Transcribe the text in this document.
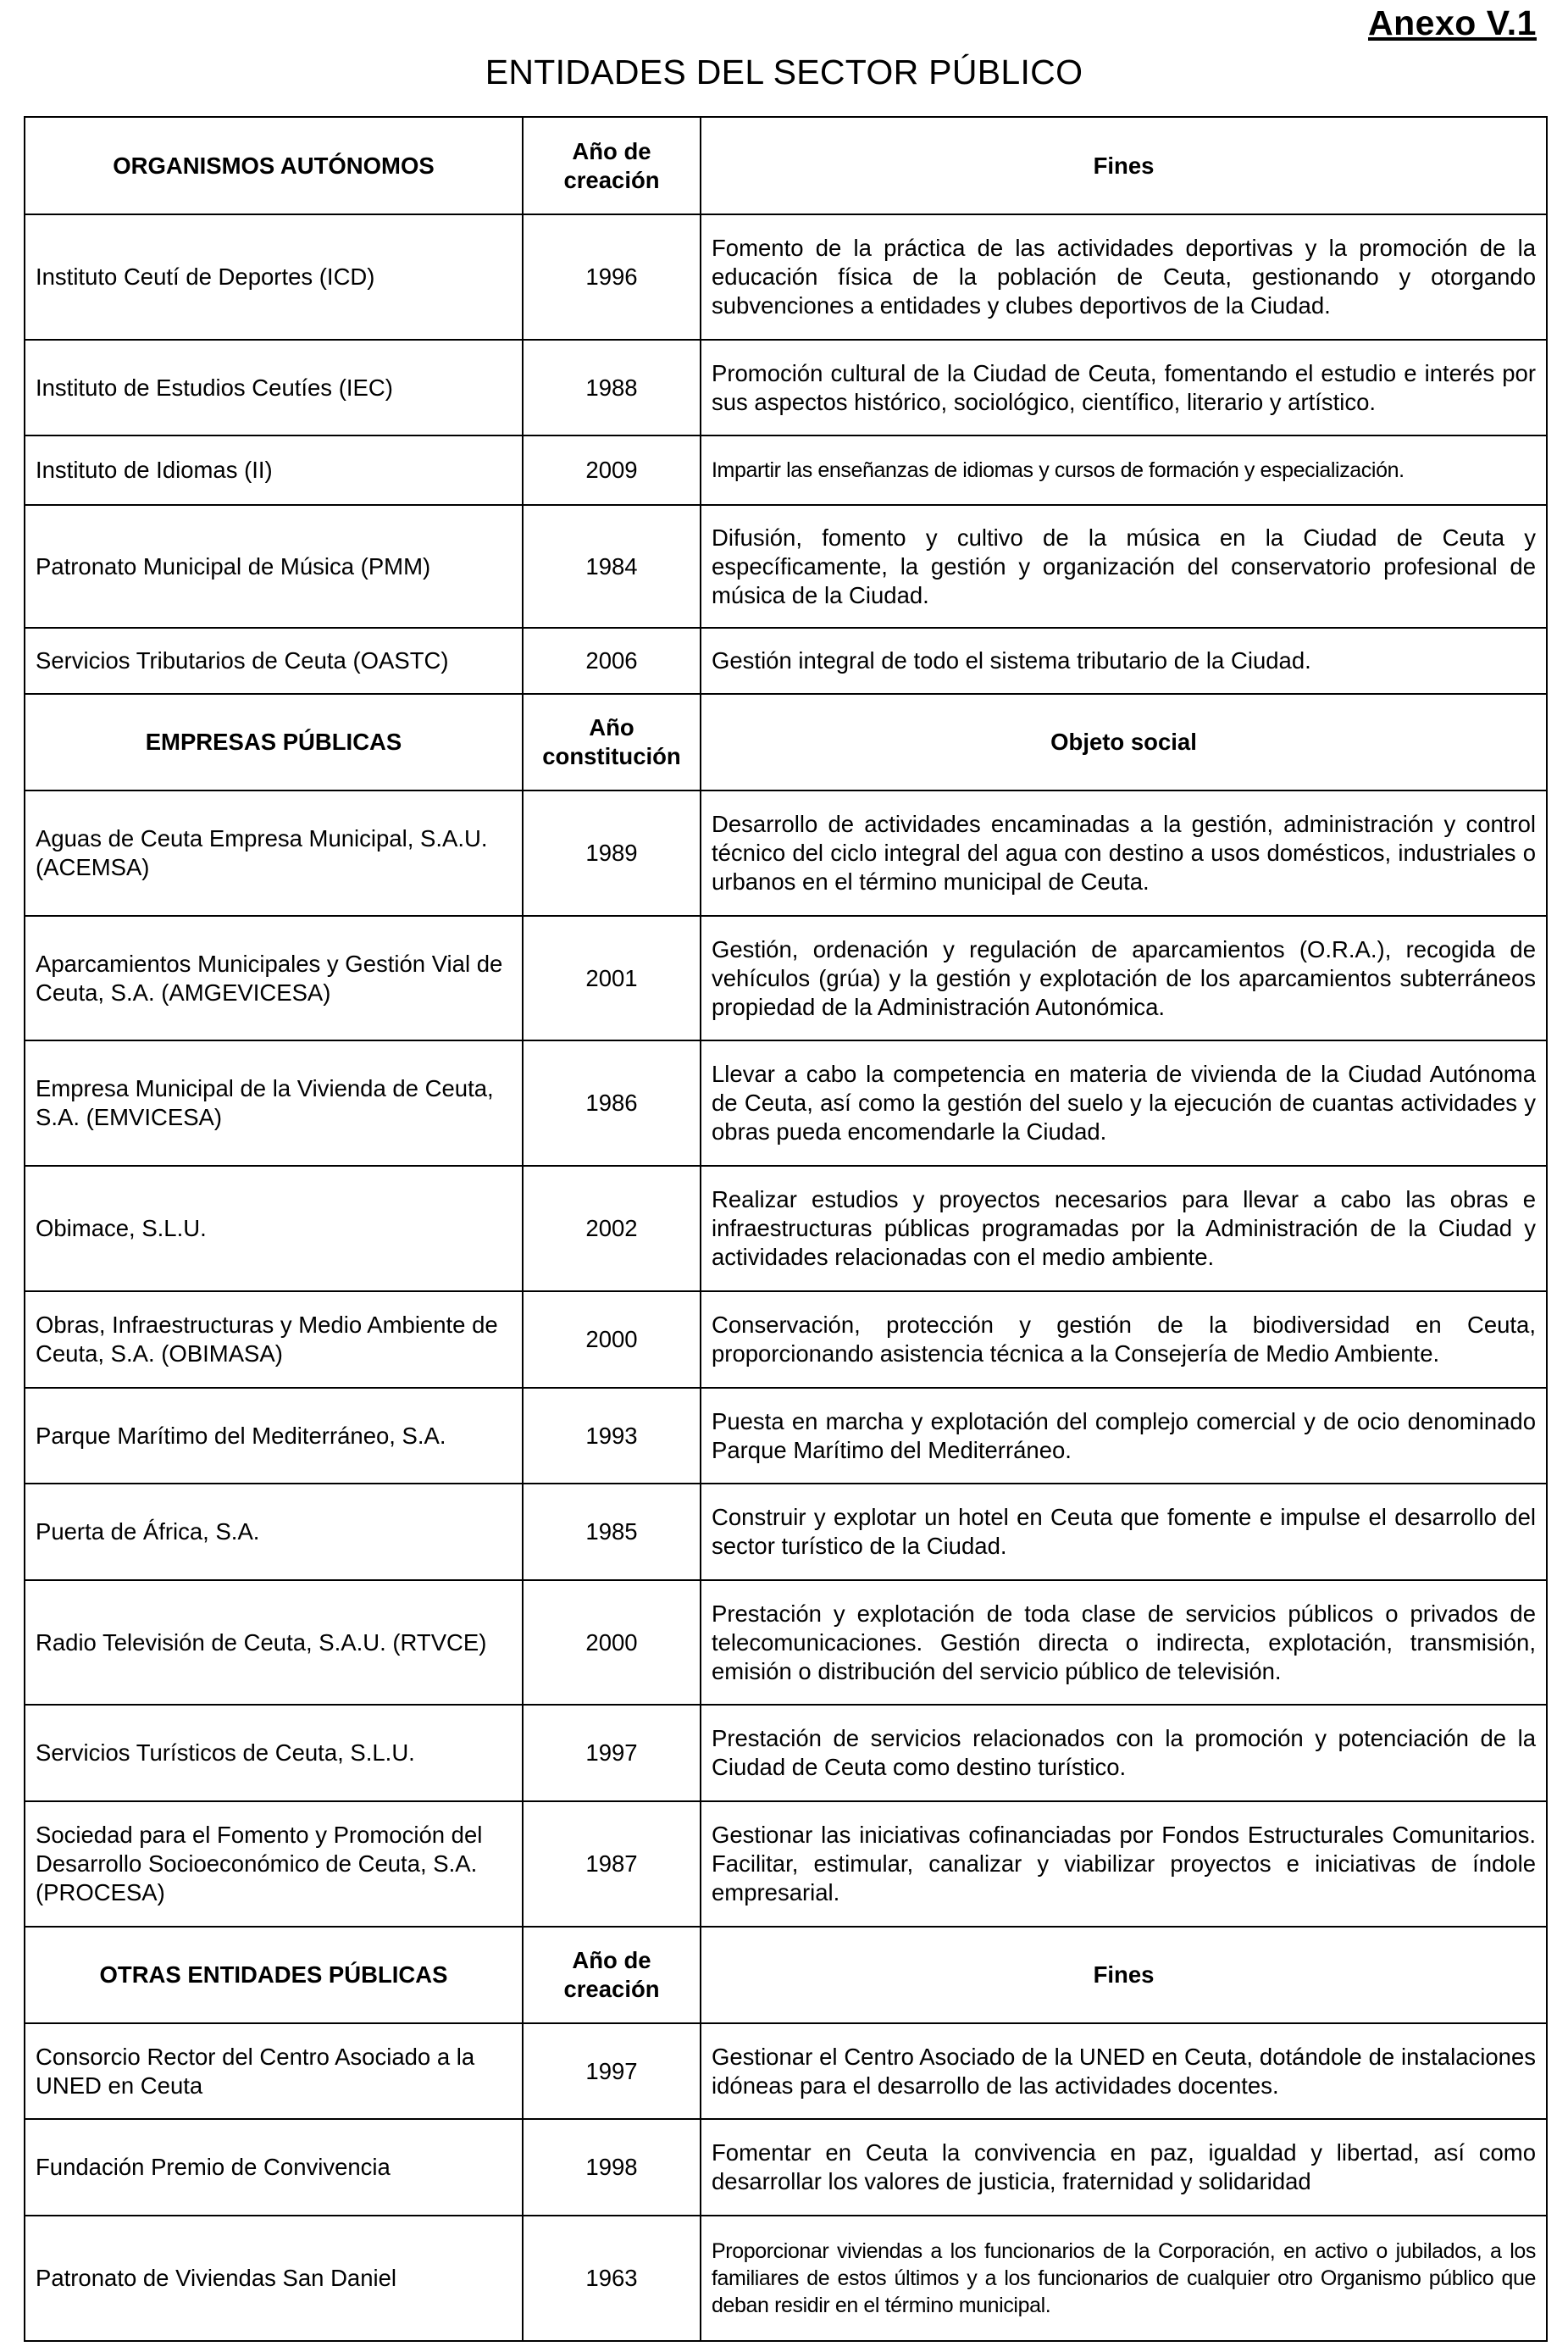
Anexo V.1
ENTIDADES DEL SECTOR PÚBLICO
ORGANISMOS AUTÓNOMOS	Año de creación	Fines
Instituto Ceutí de Deportes (ICD)	1996	Fomento de la práctica de las actividades deportivas y la promoción de la educación física de la población de Ceuta, gestionando y otorgando subvenciones a entidades y clubes deportivos de la Ciudad.
Instituto de Estudios Ceutíes (IEC)	1988	Promoción cultural de la Ciudad de Ceuta, fomentando el estudio e interés por sus aspectos histórico, sociológico, científico, literario y artístico.
Instituto de Idiomas (II)	2009	Impartir las enseñanzas de idiomas y cursos de formación y especialización.
Patronato Municipal de Música (PMM)	1984	Difusión, fomento y cultivo de la música en la Ciudad de Ceuta y específicamente, la gestión y organización del conservatorio profesional de música de la Ciudad.
Servicios Tributarios de Ceuta (OASTC)	2006	Gestión integral de todo el sistema tributario de la Ciudad.
EMPRESAS PÚBLICAS	Año constitución	Objeto social
Aguas de Ceuta Empresa Municipal, S.A.U. (ACEMSA)	1989	Desarrollo de actividades encaminadas a la gestión, administración y control técnico del ciclo integral del agua con destino a usos domésticos, industriales o urbanos en el término municipal de Ceuta.
Aparcamientos Municipales y Gestión Vial de Ceuta, S.A. (AMGEVICESA)	2001	Gestión, ordenación y regulación de aparcamientos (O.R.A.), recogida de vehículos (grúa) y la gestión y explotación de los aparcamientos subterráneos propiedad de la Administración Autonómica.
Empresa Municipal de la Vivienda de Ceuta, S.A. (EMVICESA)	1986	Llevar a cabo la competencia en materia de vivienda de la Ciudad Autónoma de Ceuta, así como la gestión del suelo y la ejecución de cuantas actividades y obras pueda encomendarle la Ciudad.
Obimace, S.L.U.	2002	Realizar estudios y proyectos necesarios para llevar a cabo las obras e infraestructuras públicas programadas por la Administración de la Ciudad y actividades relacionadas con el medio ambiente.
Obras, Infraestructuras y Medio Ambiente de Ceuta, S.A. (OBIMASA)	2000	Conservación, protección y gestión de la biodiversidad en Ceuta, proporcionando asistencia técnica a la Consejería de Medio Ambiente.
Parque Marítimo del Mediterráneo, S.A.	1993	Puesta en marcha y explotación del complejo comercial y de ocio denominado Parque Marítimo del Mediterráneo.
Puerta de África, S.A.	1985	Construir y explotar un hotel en Ceuta que fomente e impulse el desarrollo del sector turístico de la Ciudad.
Radio Televisión de Ceuta, S.A.U. (RTVCE)	2000	Prestación y explotación de toda clase de servicios públicos o privados de telecomunicaciones. Gestión directa o indirecta, explotación, transmisión, emisión o distribución del servicio público de televisión.
Servicios Turísticos de Ceuta, S.L.U.	1997	Prestación de servicios relacionados con la promoción y potenciación de la Ciudad de Ceuta como destino turístico.
Sociedad para el Fomento y Promoción del Desarrollo Socioeconómico de Ceuta, S.A. (PROCESA)	1987	Gestionar las iniciativas cofinanciadas por Fondos Estructurales Comunitarios. Facilitar, estimular, canalizar y viabilizar proyectos e iniciativas de índole empresarial.
OTRAS ENTIDADES PÚBLICAS	Año de creación	Fines
Consorcio Rector del Centro Asociado a la UNED en Ceuta	1997	Gestionar el Centro Asociado de la UNED en Ceuta, dotándole de instalaciones idóneas para el desarrollo de las actividades docentes.
Fundación Premio de Convivencia	1998	Fomentar en Ceuta la convivencia en paz, igualdad y libertad, así como desarrollar los valores de justicia, fraternidad y solidaridad
Patronato de Viviendas San Daniel	1963	Proporcionar viviendas a los funcionarios de la Corporación, en activo o jubilados, a los familiares de estos últimos y a los funcionarios de cualquier otro Organismo público que deban residir en el término municipal.
